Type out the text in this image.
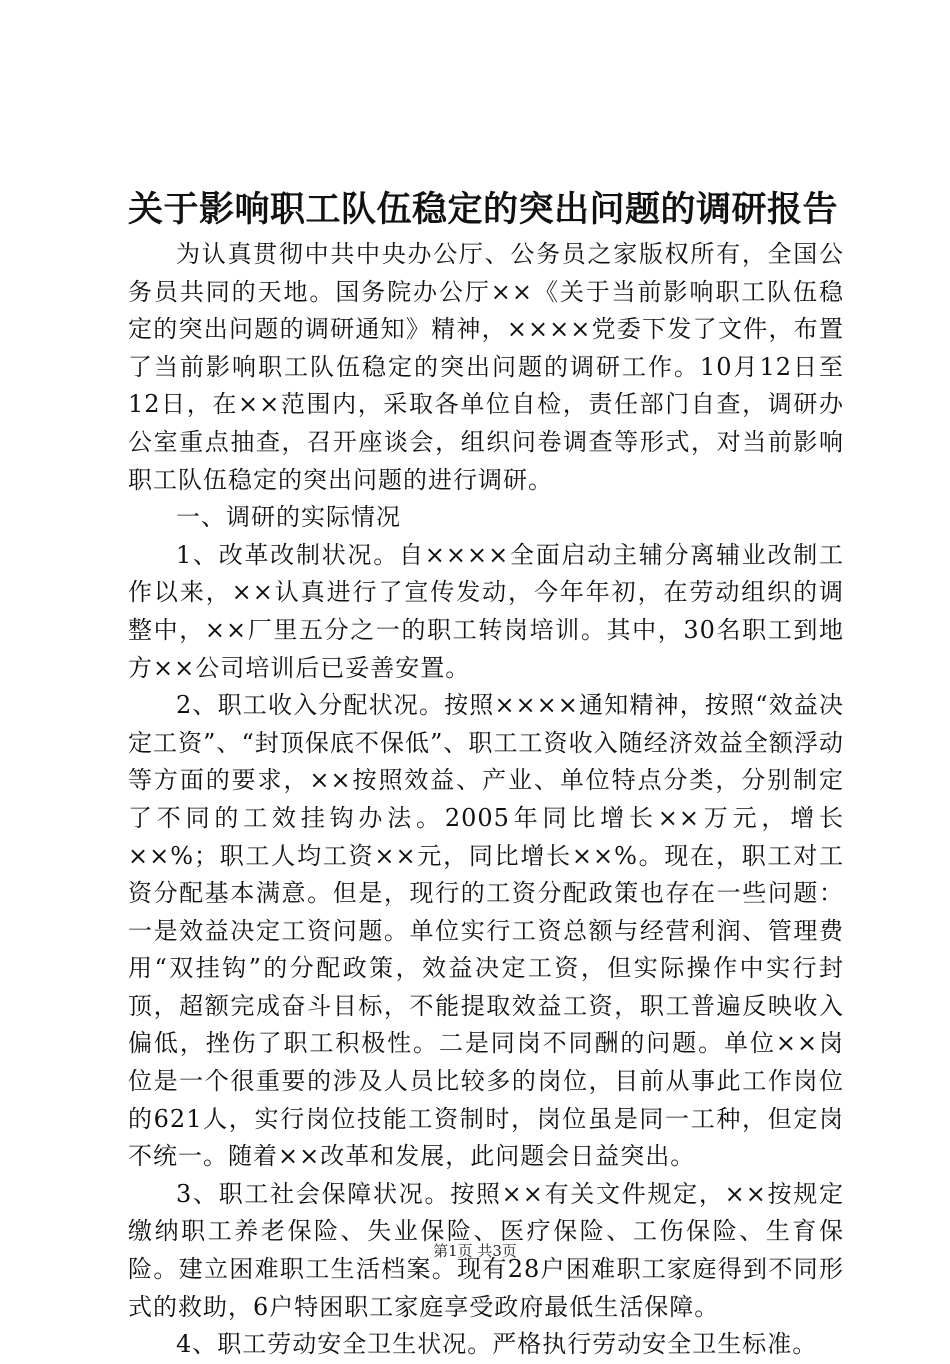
关于影响职工队伍稳定的突出问题的调研报告

为认真贯彻中共中央办公厅、公务员之家版权所有，全国公务员共同的天地。国务院办公厅××《关于当前影响职工队伍稳定的突出问题的调研通知》精神，××××党委下发了文件，布置了当前影响职工队伍稳定的突出问题的调研工作。10月12日至12日，在××范围内，采取各单位自检，责任部门自查，调研办公室重点抽查，召开座谈会，组织问卷调查等形式，对当前影响职工队伍稳定的突出问题的进行调研。

一、调研的实际情况

1、改革改制状况。自××××全面启动主辅分离辅业改制工作以来，××认真进行了宣传发动，今年年初，在劳动组织的调整中，××厂里五分之一的职工转岗培训。其中，30名职工到地方××公司培训后已妥善安置。

2、职工收入分配状况。按照××××通知精神，按照“效益决定工资”、“封顶保底不保低”、职工工资收入随经济效益全额浮动等方面的要求，××按照效益、产业、单位特点分类，分别制定了不同的工效挂钩办法。2005年同比增长××万元，增长××%；职工人均工资××元，同比增长××%。现在，职工对工资分配基本满意。但是，现行的工资分配政策也存在一些问题：一是效益决定工资问题。单位实行工资总额与经营利润、管理费用“双挂钩”的分配政策，效益决定工资，但实际操作中实行封顶，超额完成奋斗目标，不能提取效益工资，职工普遍反映收入偏低，挫伤了职工积极性。二是同岗不同酬的问题。单位××岗位是一个很重要的涉及人员比较多的岗位，目前从事此工作岗位的621人，实行岗位技能工资制时，岗位虽是同一工种，但定岗不统一。随着××改革和发展，此问题会日益突出。

3、职工社会保障状况。按照××有关文件规定，××按规定缴纳职工养老保险、失业保险、医疗保险、工伤保险、生育保险。建立困难职工生活档案。现有28户困难职工家庭得到不同形式的救助，6户特困职工家庭享受政府最低生活保障。

4、职工劳动安全卫生状况。严格执行劳动安全卫生标准。

第1页 共3页
